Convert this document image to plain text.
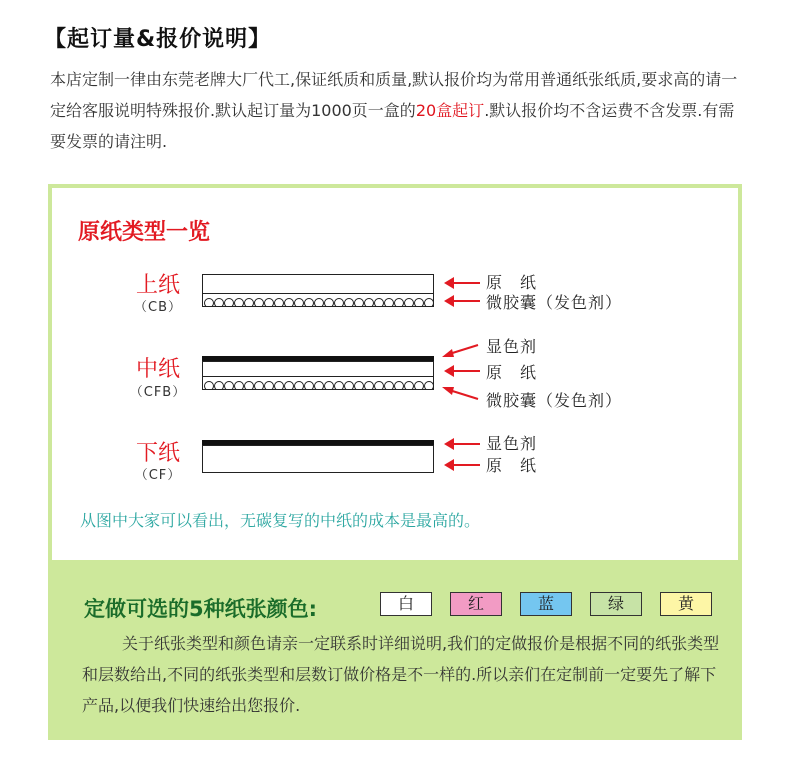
【起订量&报价说明】
本店定制一律由东莞老牌大厂代工,保证纸质和质量,默认报价均为常用普通纸张纸质,要求高的请一定给客服说明特殊报价.默认起订量为1000页一盒的20盒起订.默认报价均不含运费不含发票.有需要发票的请注明.
原纸类型一览
上纸
（CB）
原　纸
微胶囊（发色剂）
中纸
（CFB）
显色剂
原　纸
微胶囊（发色剂）
下纸
（CF）
显色剂
原　纸
从图中大家可以看出，无碳复写的中纸的成本是最高的。
定做可选的5种纸张颜色:	白	红	蓝	绿	黄
关于纸张类型和颜色请亲一定联系时详细说明,我们的定做报价是根据不同的纸张类型和层数给出,不同的纸张类型和层数订做价格是不一样的.所以亲们在定制前一定要先了解下产品,以便我们快速给出您报价.
